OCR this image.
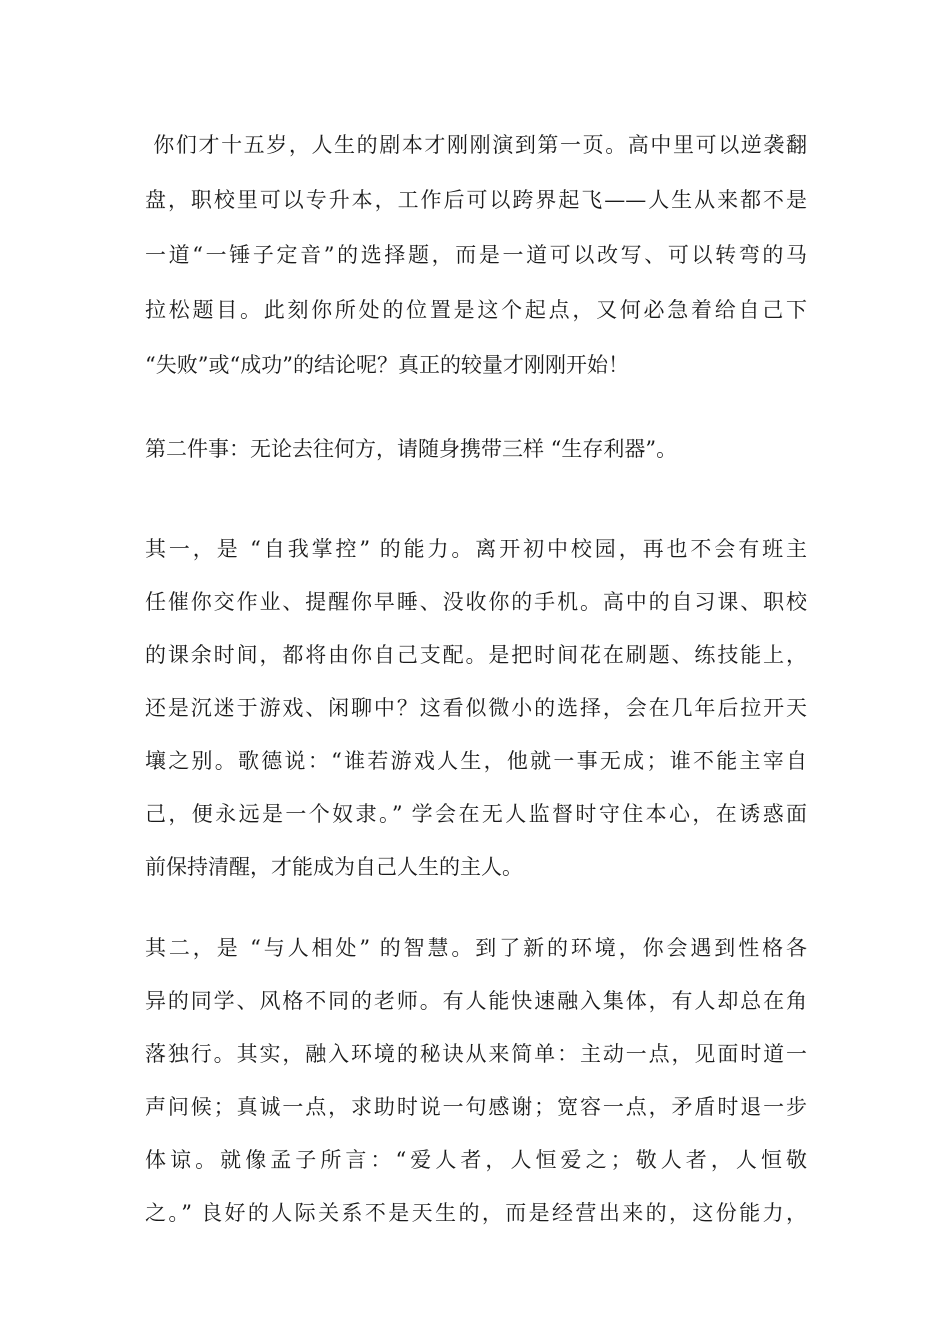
你们才十五岁，人生的剧本才刚刚演到第一页。高中里可以逆袭翻
盘，职校里可以专升本，工作后可以跨界起飞——人生从来都不是
一道“一锤子定音”的选择题，而是一道可以改写、可以转弯的马
拉松题目。此刻你所处的位置是这个起点，又何必急着给自己下
“失败”或“成功”的结论呢？真正的较量才刚刚开始！
第二件事：无论去往何方，请随身携带三样 “生存利器”。
其一，是 “自我掌控” 的能力。离开初中校园，再也不会有班主
任催你交作业、提醒你早睡、没收你的手机。高中的自习课、职校
的课余时间，都将由你自己支配。是把时间花在刷题、练技能上，
还是沉迷于游戏、闲聊中？这看似微小的选择，会在几年后拉开天
壤之别。歌德说：“谁若游戏人生，他就一事无成；谁不能主宰自
己，便永远是一个奴隶。” 学会在无人监督时守住本心，在诱惑面
前保持清醒，才能成为自己人生的主人。
其二，是 “与人相处” 的智慧。到了新的环境，你会遇到性格各
异的同学、风格不同的老师。有人能快速融入集体，有人却总在角
落独行。其实，融入环境的秘诀从来简单：主动一点，见面时道一
声问候；真诚一点，求助时说一句感谢；宽容一点，矛盾时退一步
体谅。就像孟子所言：“爱人者，人恒爱之；敬人者，人恒敬
之。” 良好的人际关系不是天生的，而是经营出来的，这份能力，
